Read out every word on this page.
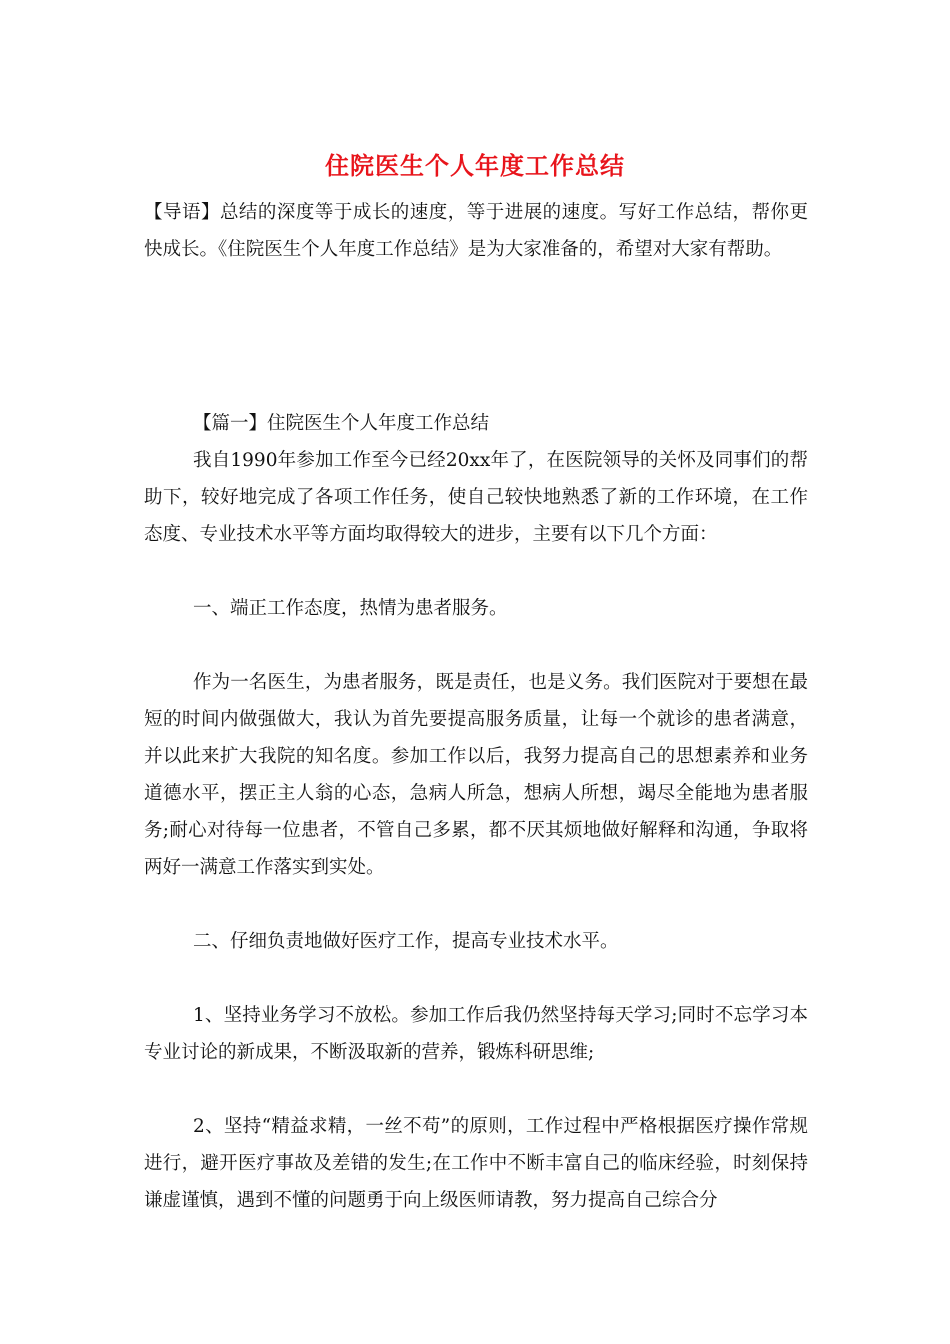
住院医生个人年度工作总结
【导语】总结的深度等于成长的速度，等于进展的速度。写好工作总结，帮你更快成长。《住院医生个人年度工作总结》是为大家准备的，希望对大家有帮助。

【篇一】住院医生个人年度工作总结

我自1990年参加工作至今已经20xx年了，在医院领导的关怀及同事们的帮助下，较好地完成了各项工作任务，使自己较快地熟悉了新的工作环境，在工作态度、专业技术水平等方面均取得较大的进步，主要有以下几个方面：

一、端正工作态度，热情为患者服务。

作为一名医生，为患者服务，既是责任，也是义务。我们医院对于要想在最短的时间内做强做大，我认为首先要提高服务质量，让每一个就诊的患者满意，并以此来扩大我院的知名度。参加工作以后，我努力提高自己的思想素养和业务道德水平，摆正主人翁的心态，急病人所急，想病人所想，竭尽全能地为患者服务;耐心对待每一位患者，不管自己多累，都不厌其烦地做好解释和沟通，争取将两好一满意工作落实到实处。

二、仔细负责地做好医疗工作，提高专业技术水平。

1、坚持业务学习不放松。参加工作后我仍然坚持每天学习;同时不忘学习本专业讨论的新成果，不断汲取新的营养，锻炼科研思维;

2、坚持“精益求精，一丝不苟”的原则，工作过程中严格根据医疗操作常规进行，避开医疗事故及差错的发生;在工作中不断丰富自己的临床经验，时刻保持谦虚谨慎，遇到不懂的问题勇于向上级医师请教，努力提高自己综合分
